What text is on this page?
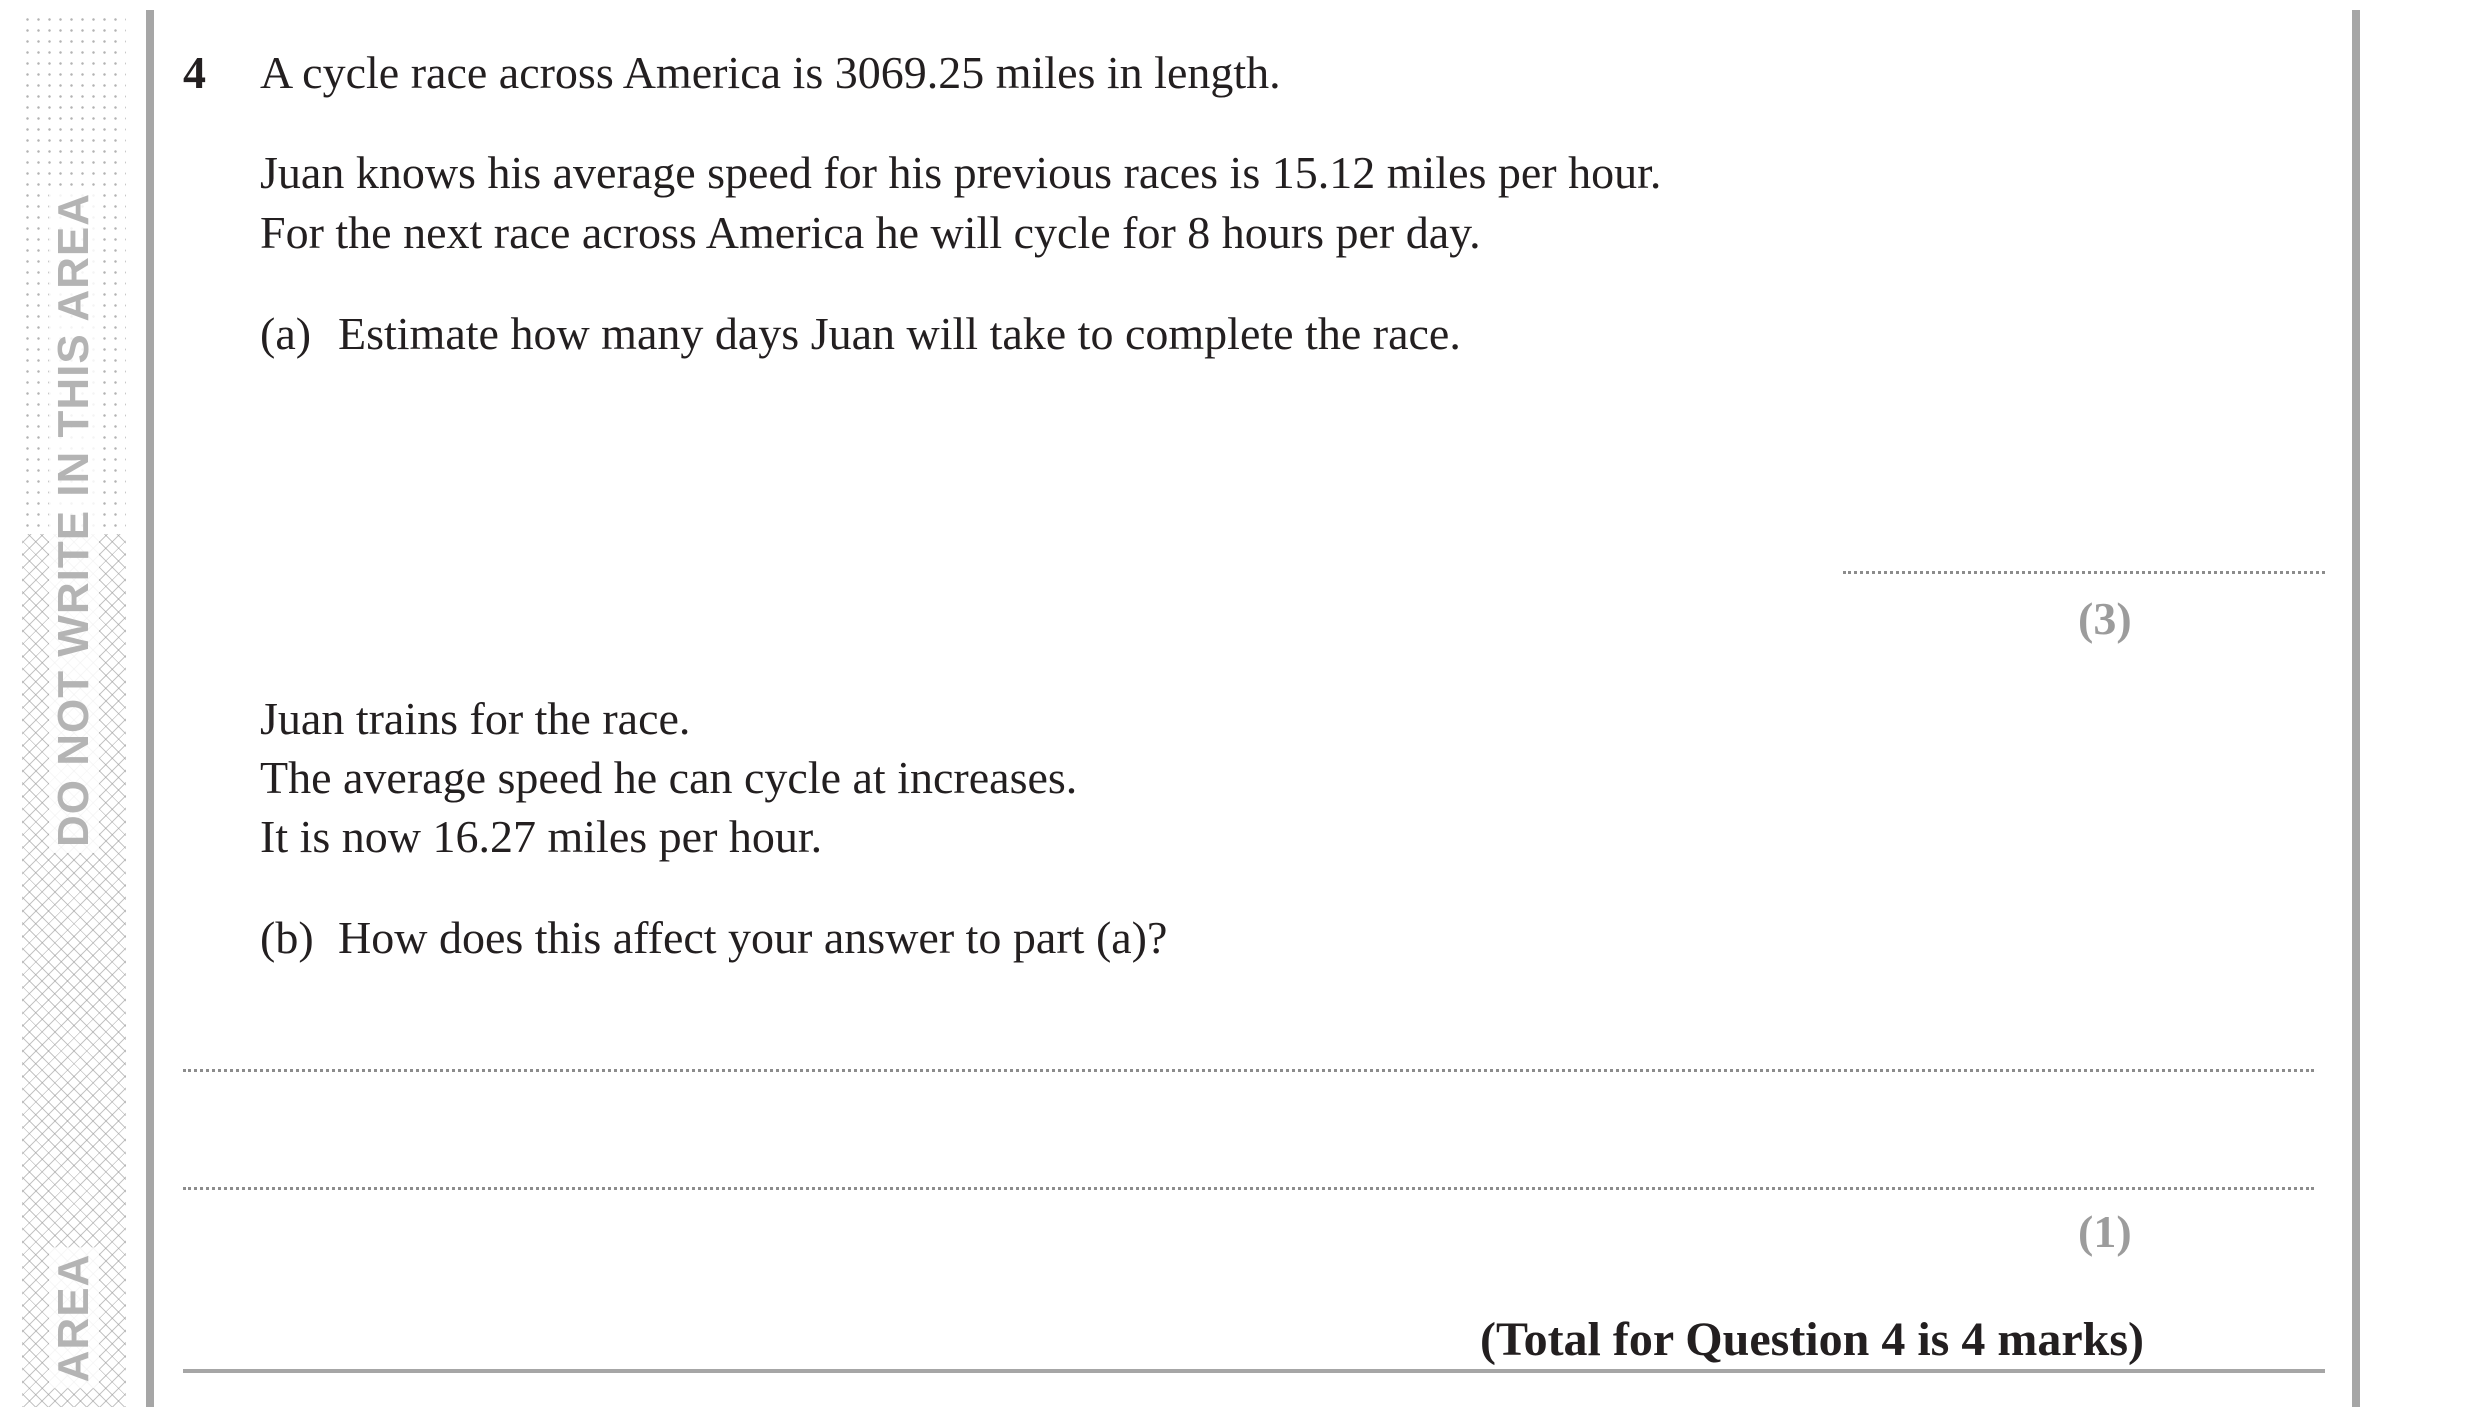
DO NOT WRITE IN THIS AREA
AREA
4 A cycle race across America is 3069.25 miles in length.
Juan knows his average speed for his previous races is 15.12 miles per hour.
For the next race across America he will cycle for 8 hours per day.
(a) Estimate how many days Juan will take to complete the race.
(3)
Juan trains for the race.
The average speed he can cycle at increases.
It is now 16.27 miles per hour.
(b) How does this affect your answer to part (a)?
(1)
(Total for Question 4 is 4 marks)
